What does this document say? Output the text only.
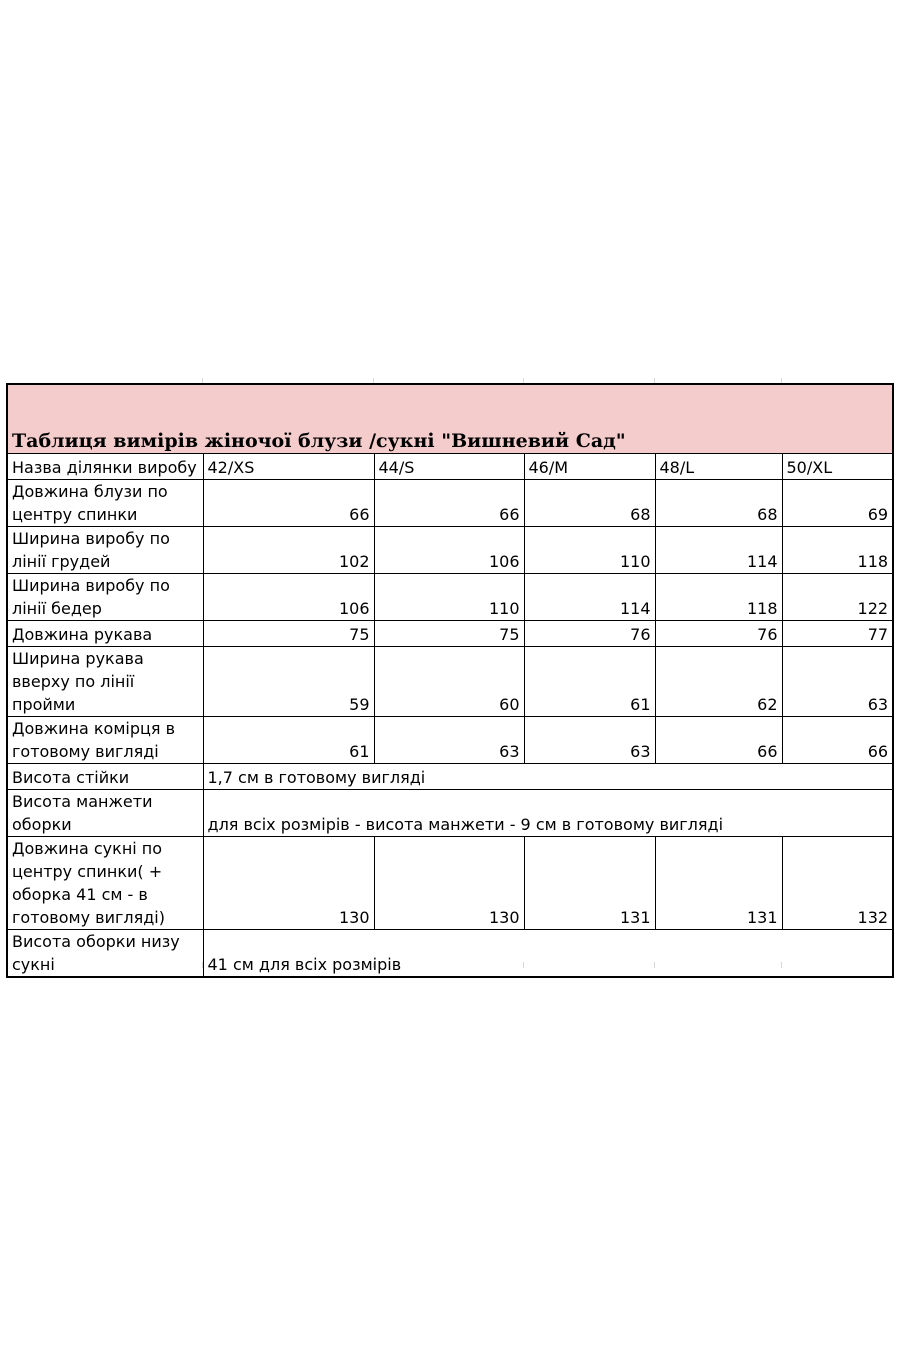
Таблиця вимірів жіночої блузи /сукні "Вишневий Сад"					
Назва ділянки виробу	42/XS	44/S	46/M	48/L	50/XL
Довжина блузи по центру спинки	66	66	68	68	69
Ширина виробу по лінії грудей	102	106	110	114	118
Ширина виробу по лінії бедер	106	110	114	118	122
Довжина рукава	75	75	76	76	77
Ширина рукава вверху по лінії пройми	59	60	61	62	63
Довжина комірця в готовому вигляді	61	63	63	66	66
Висота стійки	1,7 см в готовому вигляді				
Висота манжети оборки	для всіх розмірів - висота манжети - 9 см в готовому вигляді				
Довжина сукні по центру спинки( + оборка 41 см - в готовому вигляді)	130	130	131	131	132
Висота оборки низу сукні	41 см для всіх розмірів				
